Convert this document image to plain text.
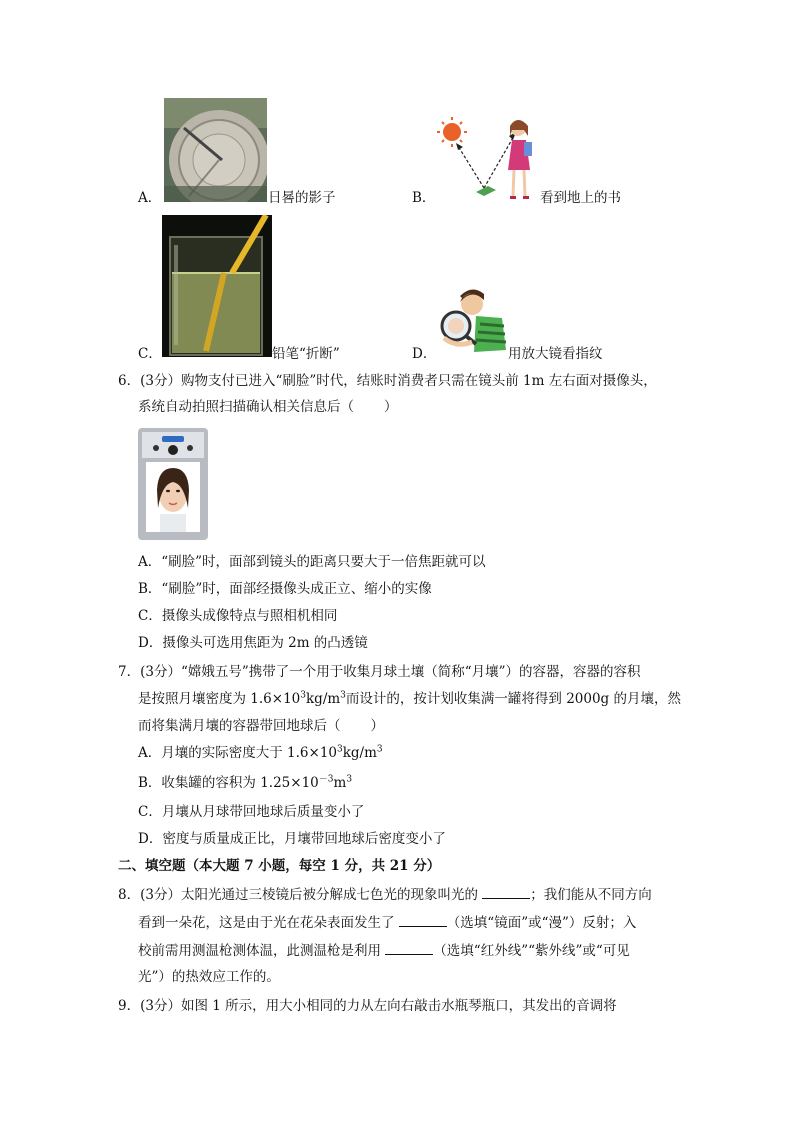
A．	日晷的影子	B．	看到地上的书
C．	铅笔“折断”	D．	用放大镜看指纹
6．(3分）购物支付已进入“刷脸”时代，结账时消费者只需在镜头前 1m 左右面对摄像头，
系统自动拍照扫描确认相关信息后（ ）
A．“刷脸”时，面部到镜头的距离只要大于一倍焦距就可以
B．“刷脸”时，面部经摄像头成正立、缩小的实像
C．摄像头成像特点与照相机相同
D．摄像头可选用焦距为 2m 的凸透镜
7．(3分）“嫦娥五号”携带了一个用于收集月球土壤（简称“月壤”）的容器，容器的容积
是按照月壤密度为 $1.6\times 10^3kg/m^3$而设计的，按计划收集满一罐将得到 2000g 的月壤，然
而将集满月壤的容器带回地球后（ ）
A．月壤的实际密度大于 $1.6\times 10^3kg/m^3$
B．收集罐的容积为 $1.25\times 10^{-3}m^3$
C．月壤从月球带回地球后质量变小了
D．密度与质量成正比，月壤带回地球后密度变小了
二、填空题（本大题 7 小题，每空 1 分，共 21 分）
8．(3分）太阳光通过三棱镜后被分解成七色光的现象叫光的	；我们能从不同方向
看到一朵花，这是由于光在花朵表面发生了	（选填“镜面”或“漫”）反射；入
校前需用测温枪测体温，此测温枪是利用	（选填“红外线”“紫外线”或“可见
光”）的热效应工作的。
9．(3分）如图 1 所示，用大小相同的力从左向右敲击水瓶琴瓶口，其发出的音调将
